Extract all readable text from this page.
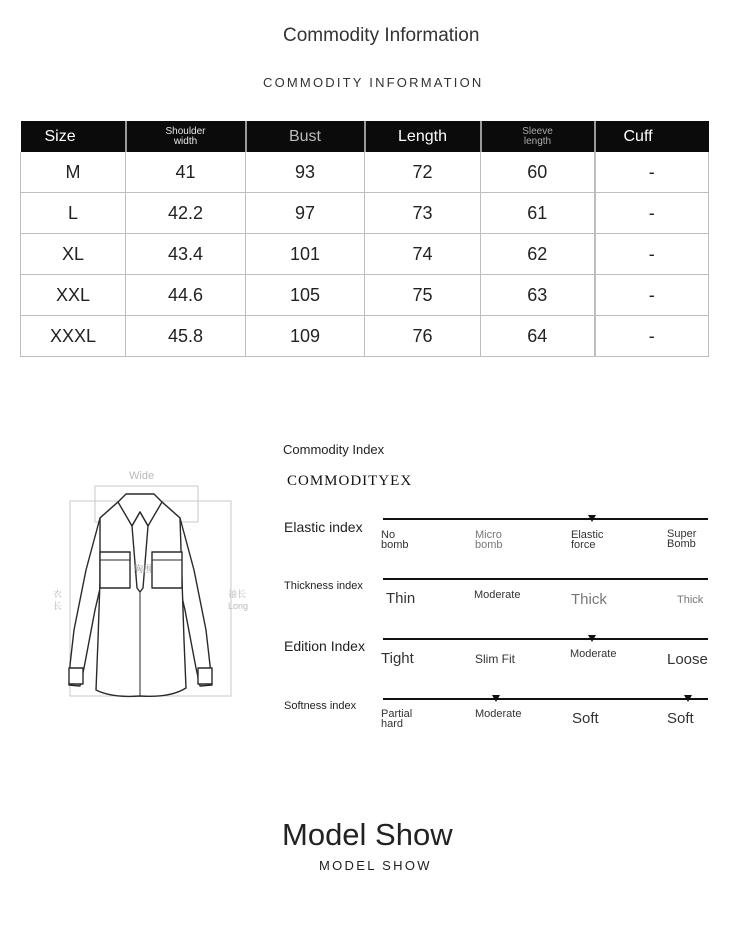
Commodity Information
COMMODITY INFORMATION
Size	Shoulder width	Bust	Length	Sleeve length	Cuff
M	41	93	72	60	-
L	42.2	97	73	61	-
XL	43.4	101	74	62	-
XXL	44.6	105	75	63	-
XXXL	45.8	109	76	64	-
Wide
衣长
袖长
Long
胸围
Commodity Index
COMMODITYEX
Elastic index No bomb
Micro bomb
Elastic force
Super Bomb
Thickness index
Thin	Moderate	Thick	Thick
Edition Index
Tight	Slim Fit	Moderate	Loose
Softness index
Partial hard
Moderate	Soft	Soft
Model Show
MODEL SHOW
